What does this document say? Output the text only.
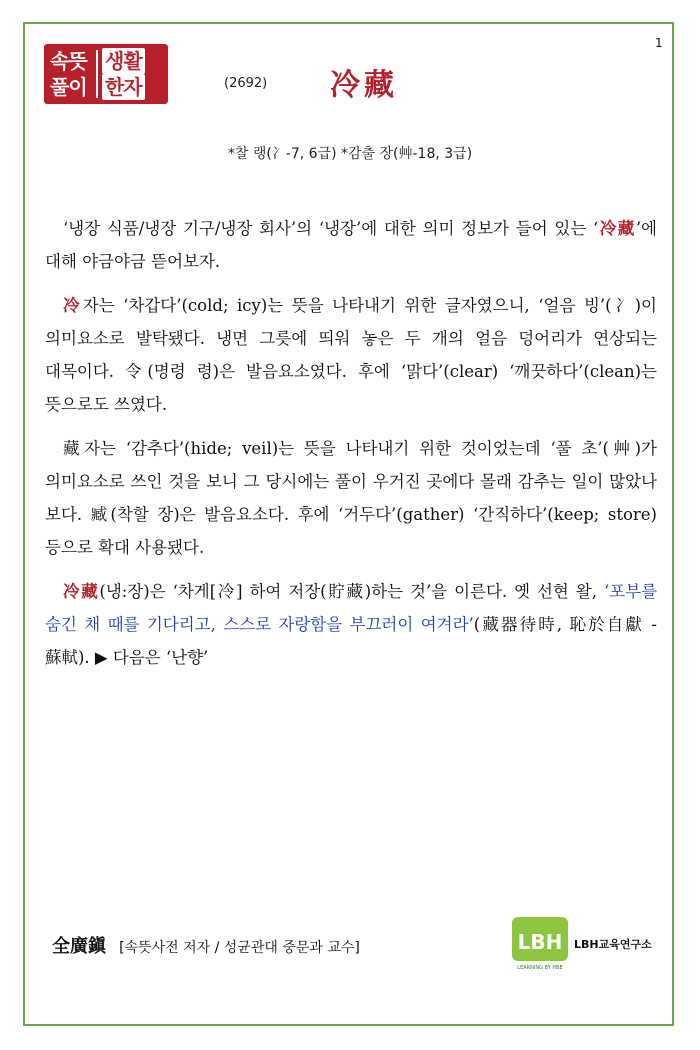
1
속뜻
풀이
생활
한자	(2692) 冷藏
*찰 랭(冫-7, 6급) *감출 장(艸-18, 3급)

‘냉장 식품/냉장 기구/냉장 회사’의 ‘냉장’에 대한 의미 정보가 들어 있는 ‘冷藏’에 대해 야금야금 뜯어보자.

冷자는 ‘차갑다’(cold; icy)는 뜻을 나타내기 위한 글자였으니, ‘얼음 빙’(冫)이 의미요소로 발탁됐다. 냉면 그릇에 띄워 놓은 두 개의 얼음 덩어리가 연상되는 대목이다. 令(명령 령)은 발음요소였다. 후에 ‘맑다’(clear) ‘깨끗하다’(clean)는 뜻으로도 쓰였다.

藏자는 ‘감추다’(hide; veil)는 뜻을 나타내기 위한 것이었는데 ‘풀 초’(艸)가 의미요소로 쓰인 것을 보니 그 당시에는 풀이 우거진 곳에다 몰래 감추는 일이 많았나 보다. 臧(착할 장)은 발음요소다. 후에 ‘거두다’(gather) ‘간직하다’(keep; store) 등으로 확대 사용됐다.

冷藏(냉:장)은 ‘차게[冷] 하여 저장(貯藏)하는 것’을 이른다. 옛 선현 왈, ‘포부를 숨긴 채 때를 기다리고, 스스로 자랑함을 부끄러이 여겨라’(藏器待時, 恥於自獻 - 蘇軾). ▶ 다음은 ‘난향’

全廣鎭 [속뜻사전 저자 / 성균관대 중문과 교수]	LBH
LEARNING BY HBE
LBH교육연구소
